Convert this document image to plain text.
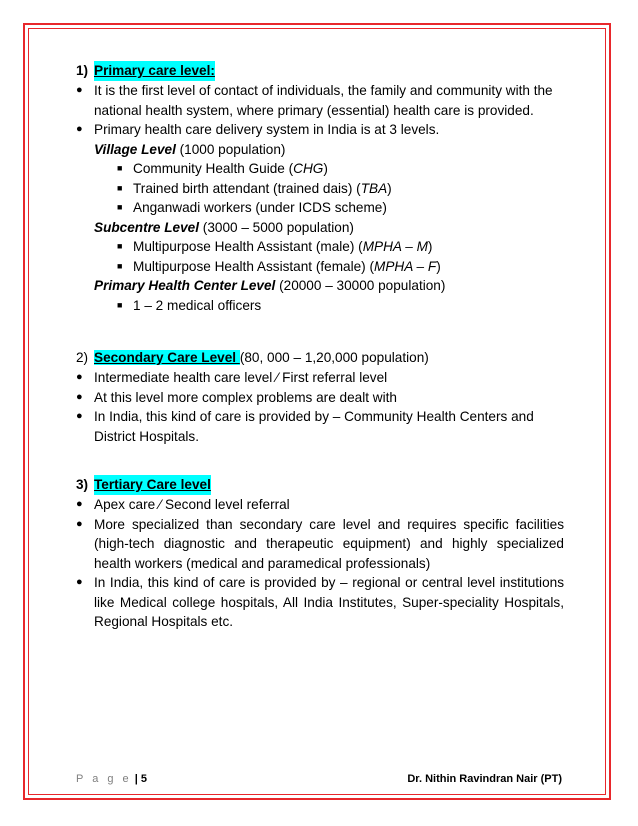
1) Primary care level:
● It is the first level of contact of individuals, the family and community with the national health system, where primary (essential) health care is provided.
● Primary health care delivery system in India is at 3 levels.
Village Level (1000 population)
■ Community Health Guide (CHG)
■ Trained birth attendant (trained dais) (TBA)
■ Anganwadi workers (under ICDS scheme)
Subcentre Level (3000 – 5000 population)
■ Multipurpose Health Assistant (male) (MPHA – M)
■ Multipurpose Health Assistant (female) (MPHA – F)
Primary Health Center Level (20000 – 30000 population)
■ 1 – 2 medical officers
2) Secondary Care Level (80, 000 – 1,20,000 population)
● Intermediate health care level ⁄ First referral level
● At this level more complex problems are dealt with
● In India, this kind of care is provided by – Community Health Centers and District Hospitals.
3) Tertiary Care level
● Apex care ⁄ Second level referral
● More specialized than secondary care level and requires specific facilities (high-tech diagnostic and therapeutic equipment) and highly specialized health workers (medical and paramedical professionals)
● In India, this kind of care is provided by – regional or central level institutions like Medical college hospitals, All India Institutes, Super-speciality Hospitals, Regional Hospitals etc.
P a g e | 5	Dr. Nithin Ravindran Nair (PT)
